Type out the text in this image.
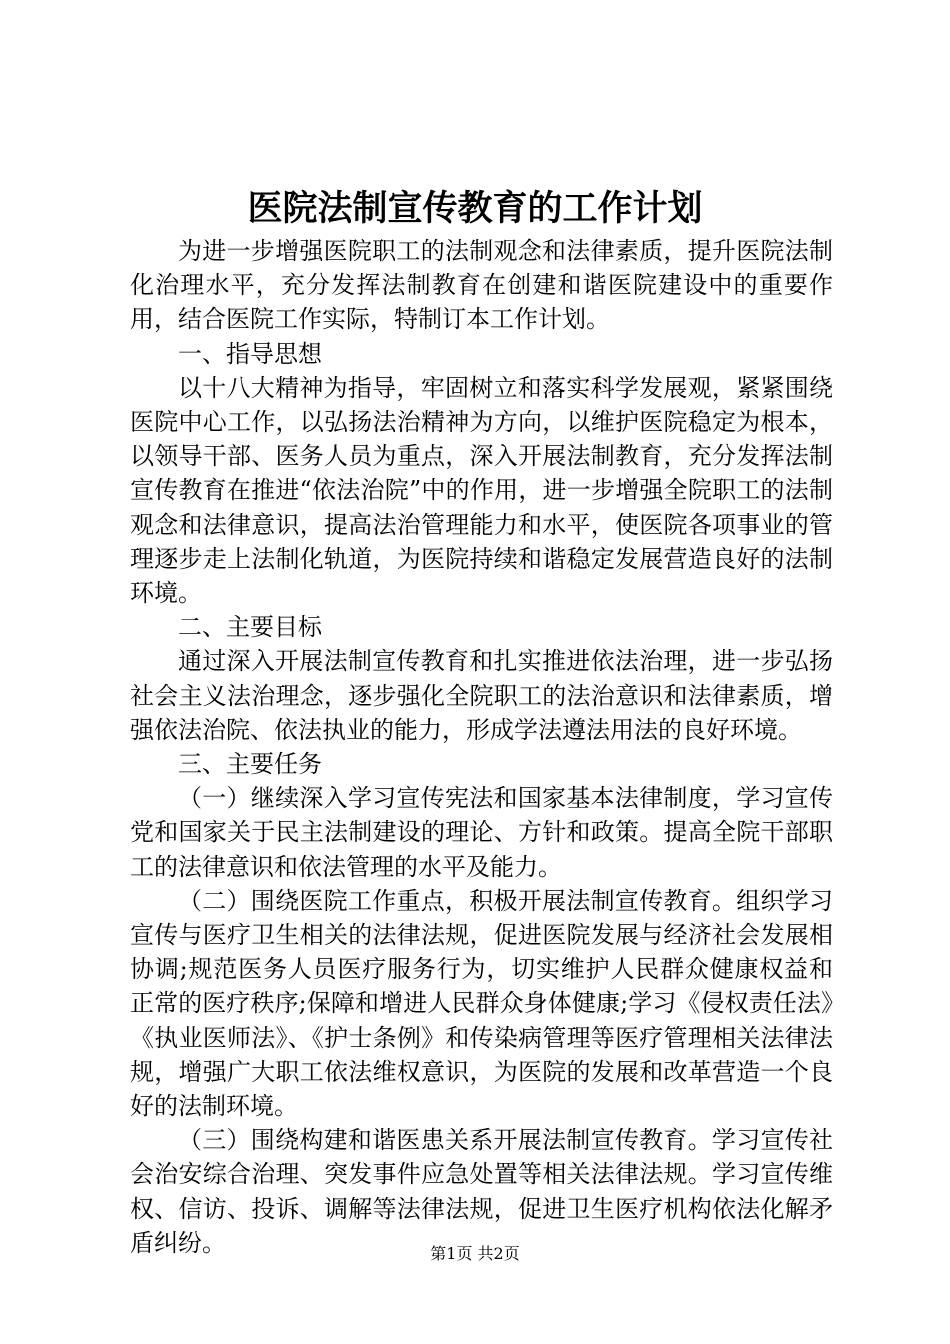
医院法制宣传教育的工作计划

为进一步增强医院职工的法制观念和法律素质，提升医院法制化治理水平，充分发挥法制教育在创建和谐医院建设中的重要作用，结合医院工作实际，特制订本工作计划。

一、指导思想

以十八大精神为指导，牢固树立和落实科学发展观，紧紧围绕医院中心工作，以弘扬法治精神为方向，以维护医院稳定为根本，以领导干部、医务人员为重点，深入开展法制教育，充分发挥法制宣传教育在推进“依法治院”中的作用，进一步增强全院职工的法制观念和法律意识，提高法治管理能力和水平，使医院各项事业的管理逐步走上法制化轨道，为医院持续和谐稳定发展营造良好的法制环境。

二、主要目标

通过深入开展法制宣传教育和扎实推进依法治理，进一步弘扬社会主义法治理念，逐步强化全院职工的法治意识和法律素质，增强依法治院、依法执业的能力，形成学法遵法用法的良好环境。

三、主要任务

（一）继续深入学习宣传宪法和国家基本法律制度，学习宣传党和国家关于民主法制建设的理论、方针和政策。提高全院干部职工的法律意识和依法管理的水平及能力。

（二）围绕医院工作重点，积极开展法制宣传教育。组织学习宣传与医疗卫生相关的法律法规，促进医院发展与经济社会发展相协调;规范医务人员医疗服务行为，切实维护人民群众健康权益和正常的医疗秩序;保障和增进人民群众身体健康;学习《侵权责任法》《执业医师法》、《护士条例》和传染病管理等医疗管理相关法律法规，增强广大职工依法维权意识，为医院的发展和改革营造一个良好的法制环境。

（三）围绕构建和谐医患关系开展法制宣传教育。学习宣传社会治安综合治理、突发事件应急处置等相关法律法规。学习宣传维权、信访、投诉、调解等法律法规，促进卫生医疗机构依法化解矛盾纠纷。	第1页 共2页
